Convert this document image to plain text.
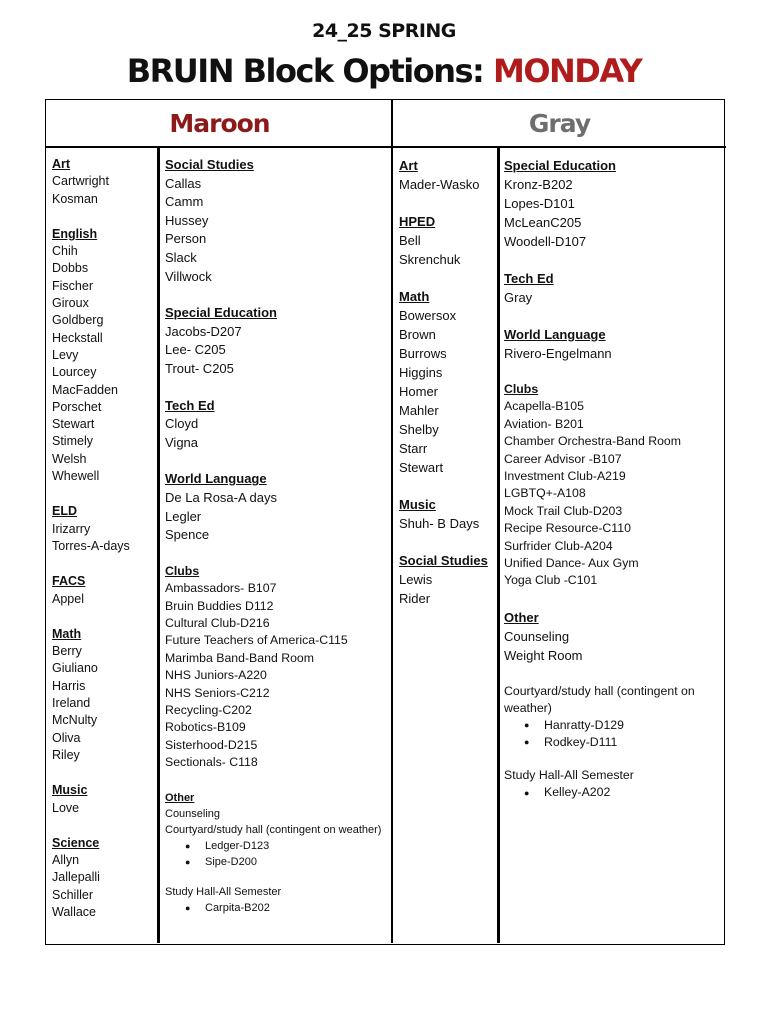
24_25 SPRING
BRUIN Block Options: MONDAY
Maroon	Gray
Art
Cartwright
Kosman
English
Chih
Dobbs
Fischer
Giroux
Goldberg
Heckstall
Levy
Lourcey
MacFadden
Porschet
Stewart
Stimely
Welsh
Whewell
ELD
Irizarry
Torres-A-days
FACS
Appel
Math
Berry
Giuliano
Harris
Ireland
McNulty
Oliva
Riley
Music
Love
Science
Allyn
Jallepalli
Schiller
Wallace
Social Studies
Callas
Camm
Hussey
Person
Slack
Villwock
Special Education
Jacobs-D207
Lee- C205
Trout- C205
Tech Ed
Cloyd
Vigna
World Language
De La Rosa-A days
Legler
Spence
Clubs
Ambassadors- B107
Bruin Buddies D112
Cultural Club-D216
Future Teachers of America-C115
Marimba Band-Band Room
NHS Juniors-A220
NHS Seniors-C212
Recycling-C202
Robotics-B109
Sisterhood-D215
Sectionals- C118
Other
Counseling
Courtyard/study hall (contingent on weather)
● Ledger-D123
● Sipe-D200
Study Hall-All Semester
● Carpita-B202
Art
Mader-Wasko
HPED
Bell
Skrenchuk
Math
Bowersox
Brown
Burrows
Higgins
Homer
Mahler
Shelby
Starr
Stewart
Music
Shuh- B Days
Social Studies
Lewis
Rider
Special Education
Kronz-B202
Lopes-D101
McLeanC205
Woodell-D107
Tech Ed
Gray
World Language
Rivero-Engelmann
Clubs
Acapella-B105
Aviation- B201
Chamber Orchestra-Band Room
Career Advisor -B107
Investment Club-A219
LGBTQ+-A108
Mock Trail Club-D203
Recipe Resource-C110
Surfrider Club-A204
Unified Dance- Aux Gym
Yoga Club -C101
Other
Counseling
Weight Room
Courtyard/study hall (contingent on weather)
● Hanratty-D129
● Rodkey-D111
Study Hall-All Semester
● Kelley-A202
